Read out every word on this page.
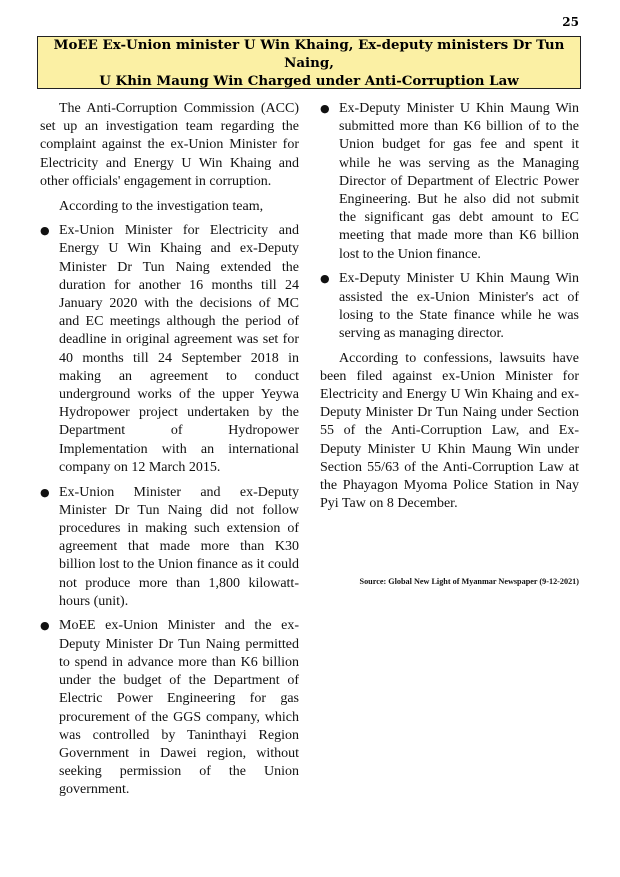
25
MoEE Ex-Union minister U Win Khaing, Ex-deputy ministers Dr Tun Naing,
U Khin Maung Win Charged under Anti-Corruption Law

The Anti-Corruption Commission (ACC) set up an investigation team regarding the complaint against the ex-Union Minister for Electricity and Energy U Win Khaing and other officials' engagement in corruption.

According to the investigation team,

● Ex-Union Minister for Electricity and Energy U Win Khaing and ex-Deputy Minister Dr Tun Naing extended the duration for another 16 months till 24 January 2020 with the decisions of MC and EC meetings although the period of deadline in original agreement was set for 40 months till 24 September 2018 in making an agreement to conduct underground works of the upper Yeywa Hydropower project undertaken by the Department of Hydropower Implementation with an international company on 12 March 2015.
● Ex-Union Minister and ex-Deputy Minister Dr Tun Naing did not follow procedures in making such extension of agreement that made more than K30 billion lost to the Union finance as it could not produce more than 1,800 kilowatt-hours (unit).
● MoEE ex-Union Minister and the ex-Deputy Minister Dr Tun Naing permitted to spend in advance more than K6 billion under the budget of the Department of Electric Power Engineering for gas procurement of the GGS company, which was controlled by Taninthayi Region Government in Dawei region, without seeking permission of the Union government.
● Ex-Deputy Minister U Khin Maung Win submitted more than K6 billion of to the Union budget for gas fee and spent it while he was serving as the Managing Director of Department of Electric Power Engineering. But he also did not submit the significant gas debt amount to EC meeting that made more than K6 billion lost to the Union finance.
● Ex-Deputy Minister U Khin Maung Win assisted the ex-Union Minister's act of losing to the State finance while he was serving as managing director.

According to confessions, lawsuits have been filed against ex-Union Minister for Electricity and Energy U Win Khaing and ex-Deputy Minister Dr Tun Naing under Section 55 of the Anti-Corruption Law, and Ex-Deputy Minister U Khin Maung Win under Section 55/63 of the Anti-Corruption Law at the Phayagon Myoma Police Station in Nay Pyi Taw on 8 December.

Source: Global New Light of Myanmar Newspaper (9-12-2021)
